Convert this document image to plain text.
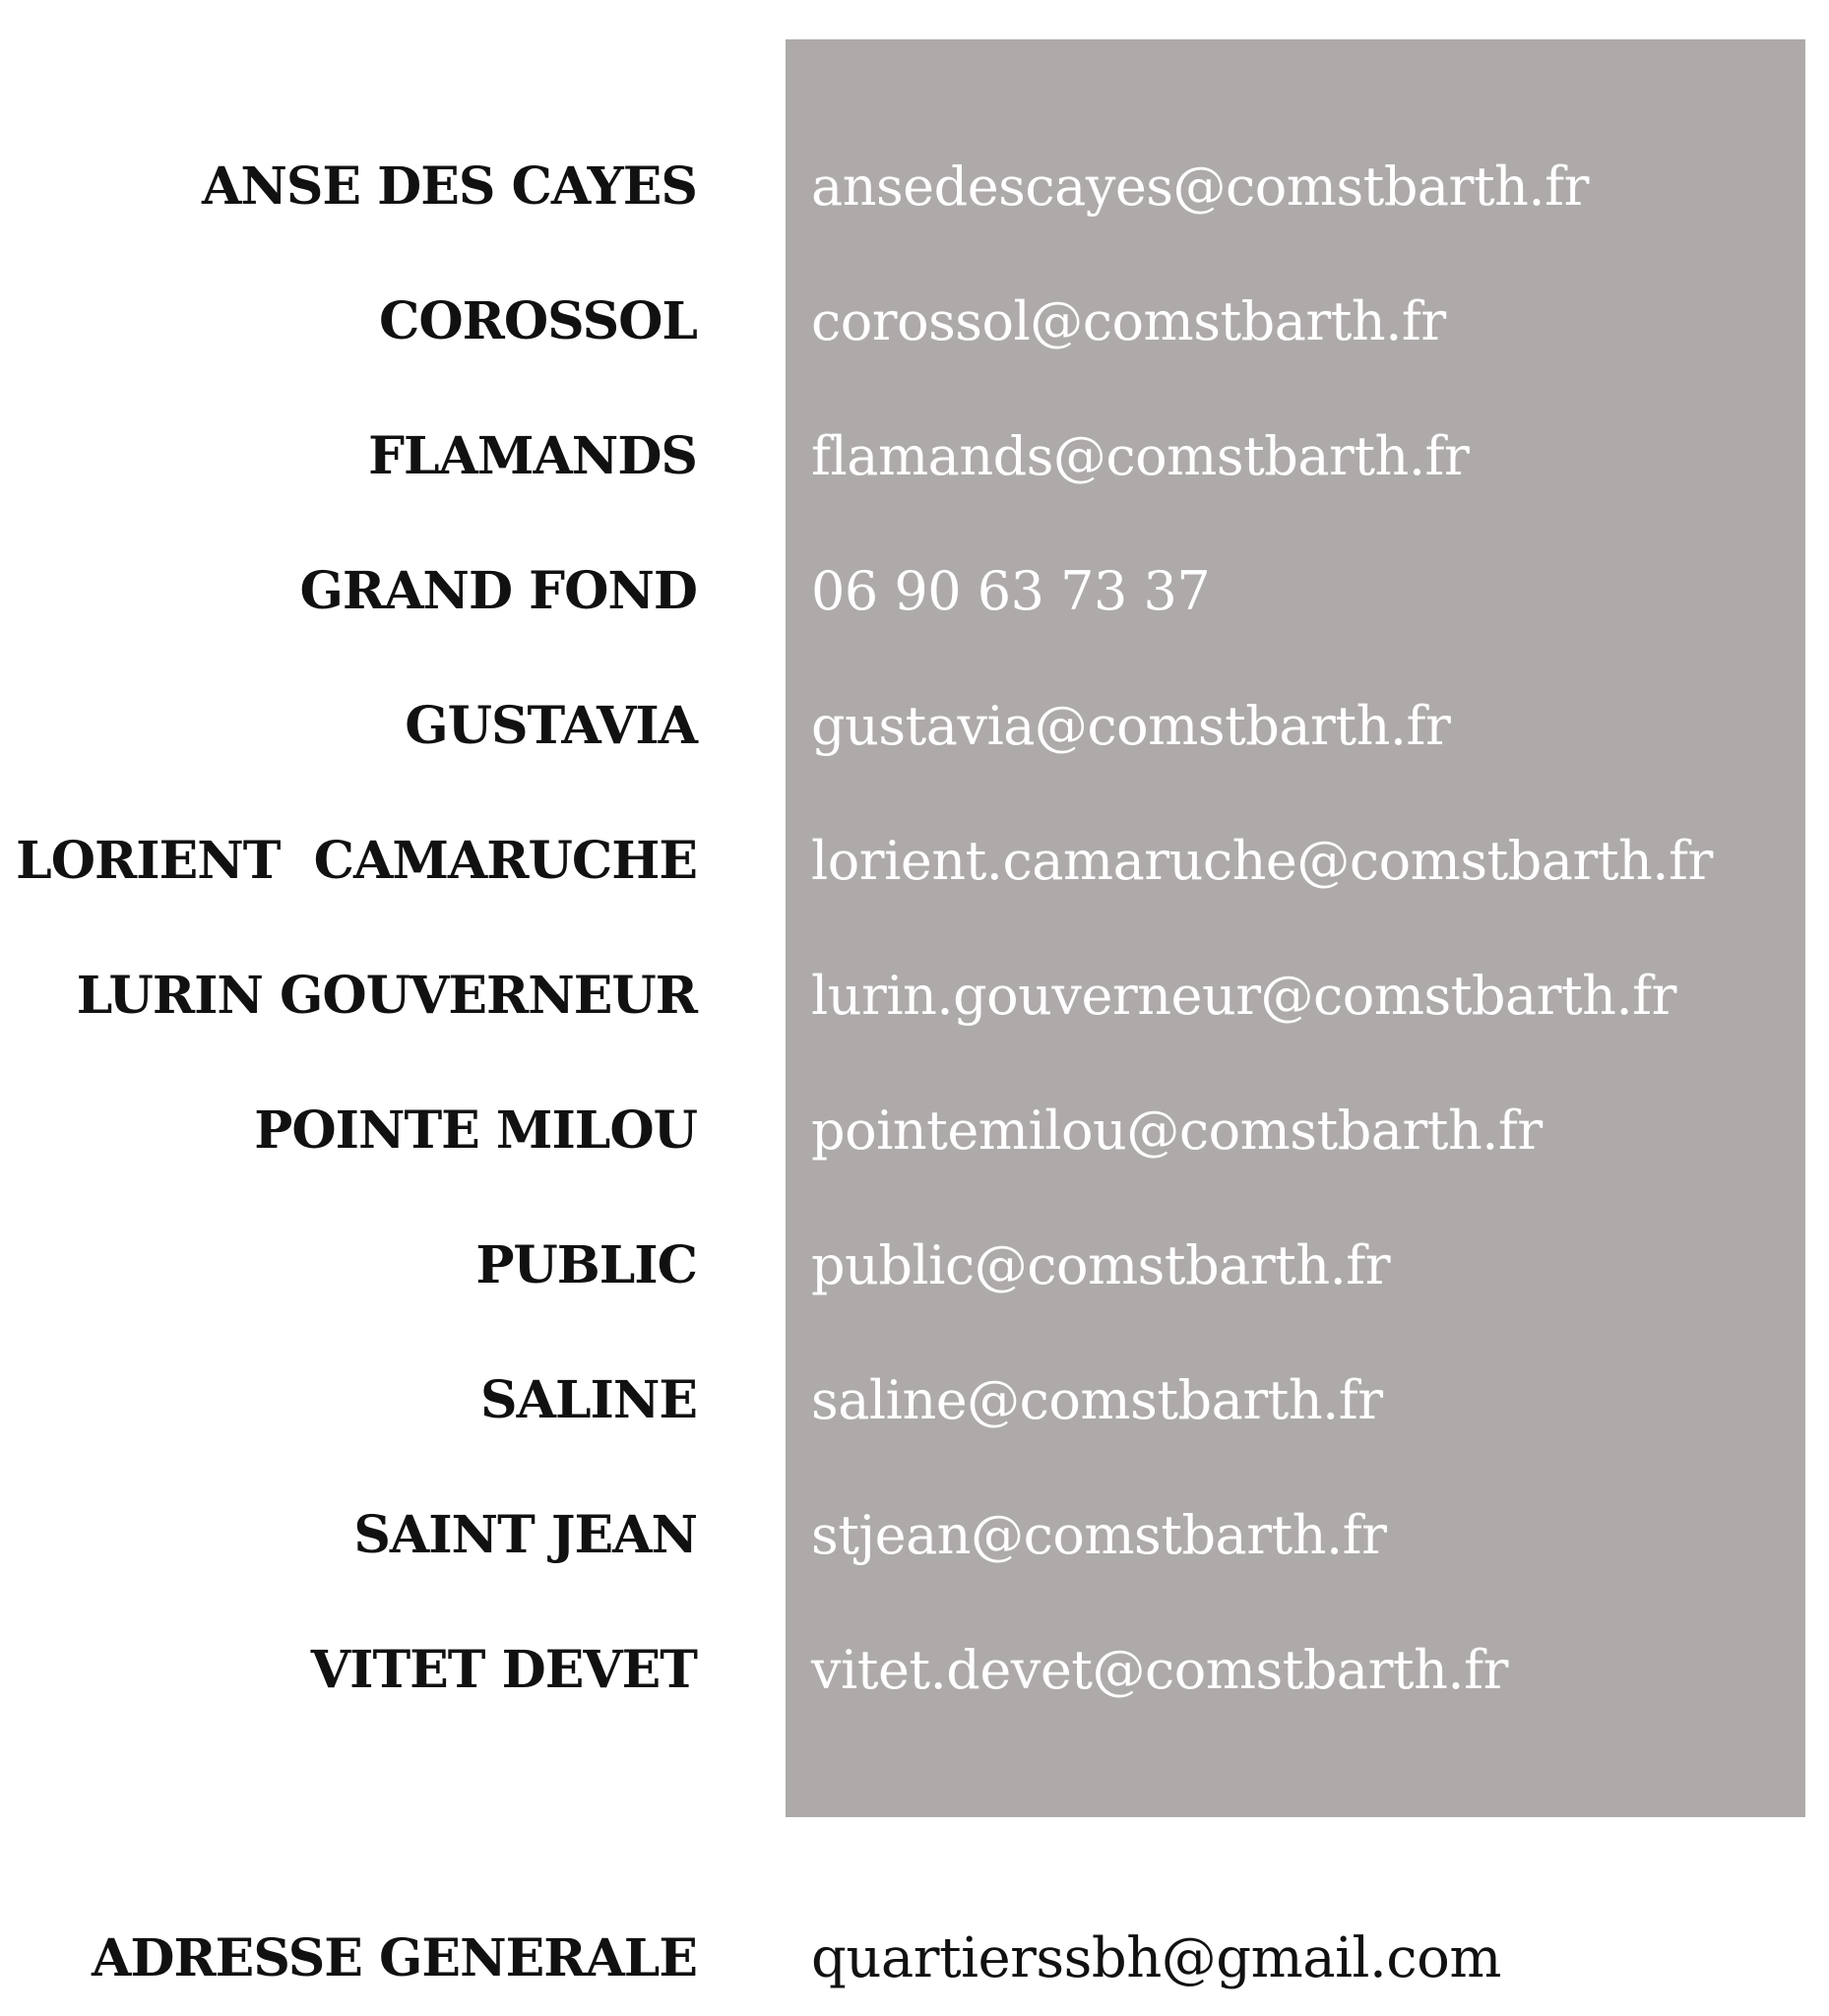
ANSE DES CAYES ansedescayes@comstbarth.fr
COROSSOL corossol@comstbarth.fr
FLAMANDS flamands@comstbarth.fr
GRAND FOND 06 90 63 73 37
GUSTAVIA gustavia@comstbarth.fr
LORIENT  CAMARUCHE lorient.camaruche@comstbarth.fr
LURIN GOUVERNEUR lurin.gouverneur@comstbarth.fr
POINTE MILOU pointemilou@comstbarth.fr
PUBLIC public@comstbarth.fr
SALINE saline@comstbarth.fr
SAINT JEAN stjean@comstbarth.fr
VITET DEVET vitet.devet@comstbarth.fr
ADRESSE GENERALE quartierssbh@gmail.com
